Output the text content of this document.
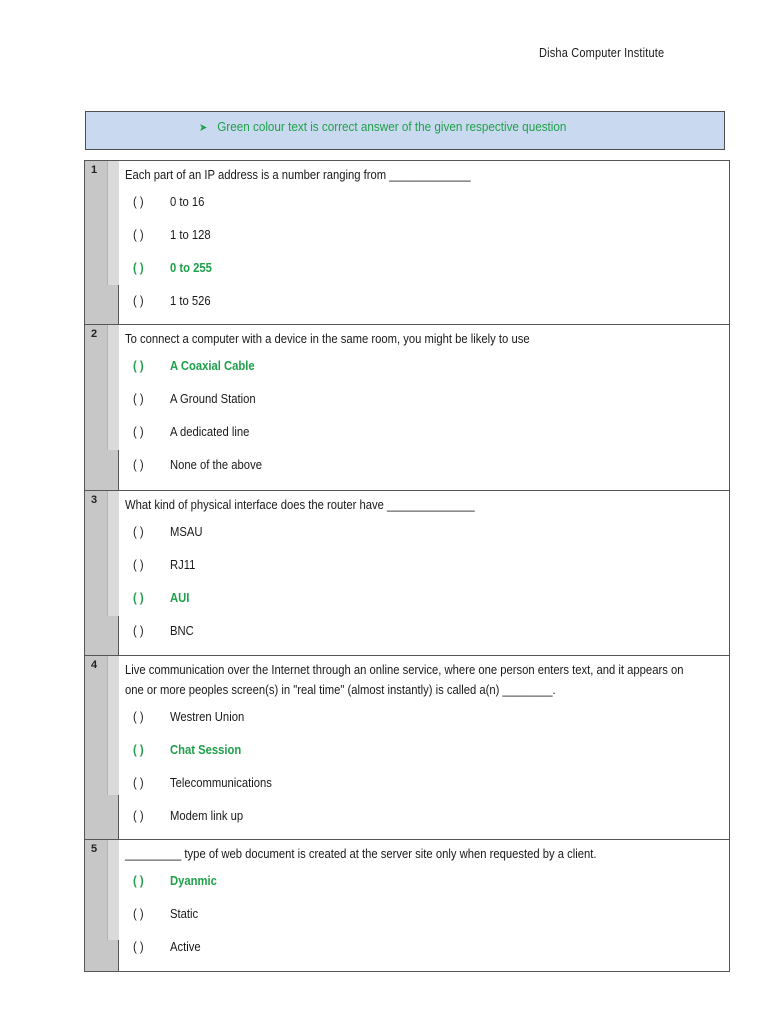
Disha Computer Institute
➤ Green colour text is correct answer of the given respective question
1 Each part of an IP address is a number ranging from _____________
( ) 0 to 16
( ) 1 to 128
( ) 0 to 255
( ) 1 to 526
2 To connect a computer with a device in the same room, you might be likely to use
( ) A Coaxial Cable
( ) A Ground Station
( ) A dedicated line
( ) None of the above
3 What kind of physical interface does the router have ______________
( ) MSAU
( ) RJ11
( ) AUI
( ) BNC
4 Live communication over the Internet through an online service, where one person enters text, and it appears on one or more peoples screen(s) in "real time" (almost instantly) is called a(n) ________.
( ) Westren Union
( ) Chat Session
( ) Telecommunications
( ) Modem link up
5 _________ type of web document is created at the server site only when requested by a client.
( ) Dyanmic
( ) Static
( ) Active
